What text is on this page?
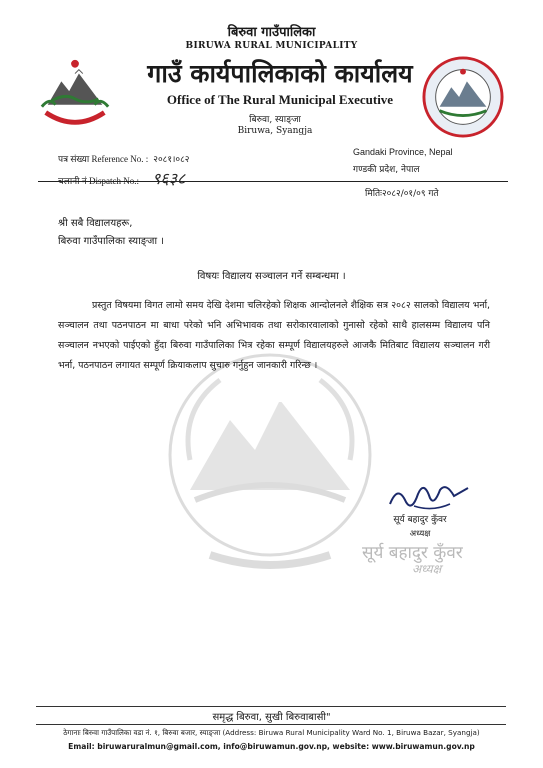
बिरुवा गाउँपालिका
BIRUWA RURAL MUNICIPALITY
गाउँ कार्यपालिकाको कार्यालय
Office of The Rural Municipal Executive
बिरुवा, स्याङ्जा
Biruwa, Syangja
पत्र संख्या Reference No. : २०८१।०८२
चलानी नं Dispatch No.: ९६३८
Gandaki Province, Nepal
गण्डकी प्रदेश, नेपाल
मितिः२०८२/०१/०९ गते
श्री सबै विद्यालयहरू,
बिरुवा गाउँपालिका स्याङ्जा ।
विषयः विद्यालय सञ्चालन गर्ने सम्बन्धमा ।
प्रस्तुत विषयमा विगत लामो समय देखि देशमा चलिरहेको शिक्षक आन्दोलनले शैक्षिक सत्र २०८२ सालको विद्यालय भर्ना, सञ्चालन तथा पठनपाठन मा बाधा परेको भनि अभिभावक तथा सरोकारवालाको गुनासो रहेको साथै हालसम्म विद्यालय पनि सञ्चालन नभएको पाईएको हुँदा बिरुवा गाउँपालिका भित्र रहेका सम्पूर्ण विद्यालयहरुले आजकै मितिबाट विद्यालय सञ्चालन गरी भर्ना, पठनपाठन लगायत सम्पूर्ण क्रियाकलाप सुचारु गर्नुहुन जानकारी गरिन्छ ।
सूर्य बहादुर कुँवर
अध्यक्ष
सूर्य बहादुर कुँवर
अध्यक्ष
समृद्ध बिरुवा, सुखी बिरुवाबासी"
ठेगानाः बिरुवा गाउँपालिका वडा नं. १, बिरुवा बजार, स्याङ्जा (Address: Biruwa Rural Municipality Ward No. 1, Biruwa Bazar, Syangja)
Email: biruwaruralmun@gmail.com, info@biruwamun.gov.np, website: www.biruwamun.gov.np
